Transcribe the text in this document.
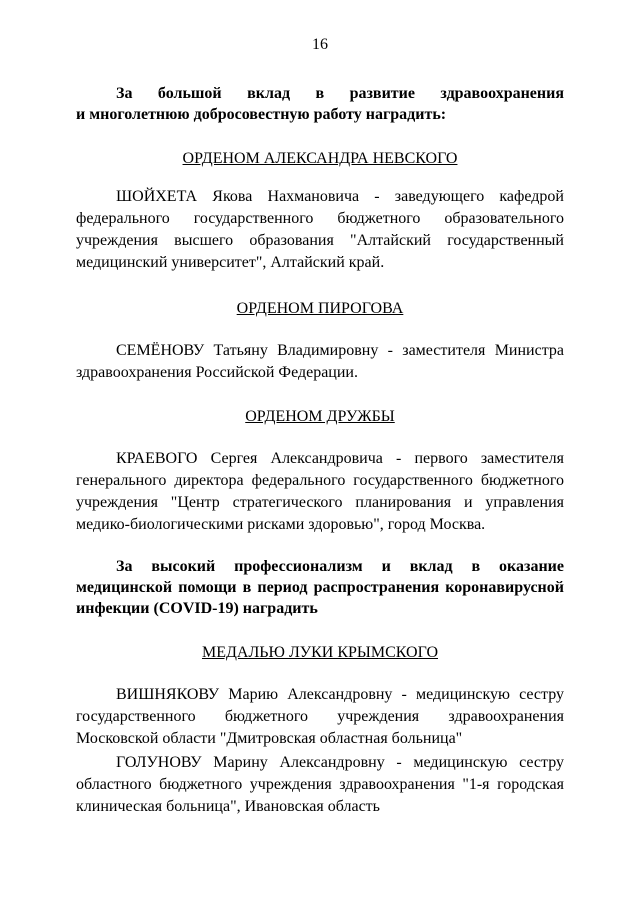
16
За большой вклад в развитие здравоохранения
и многолетнюю добросовестную работу наградить:
ОРДЕНОМ АЛЕКСАНДРА НЕВСКОГО
ШОЙХЕТА Якова Нахмановича - заведующего кафедрой федерального государственного бюджетного образовательного учреждения высшего образования "Алтайский государственный медицинский университет", Алтайский край.
ОРДЕНОМ ПИРОГОВА
СЕМЁНОВУ Татьяну Владимировну - заместителя Министра здравоохранения Российской Федерации.
ОРДЕНОМ ДРУЖБЫ
КРАЕВОГО Сергея Александровича - первого заместителя генерального директора федерального государственного бюджетного учреждения "Центр стратегического планирования и управления медико-биологическими рисками здоровью", город Москва.
За высокий профессионализм и вклад в оказание
медицинской помощи в период распространения коронавирусной
инфекции (COVID-19) наградить
МЕДАЛЬЮ ЛУКИ КРЫМСКОГО
ВИШНЯКОВУ Марию Александровну - медицинскую сестру государственного бюджетного учреждения здравоохранения Московской области "Дмитровская областная больница"
ГОЛУНОВУ Марину Александровну - медицинскую сестру областного бюджетного учреждения здравоохранения "1-я городская клиническая больница", Ивановская область
